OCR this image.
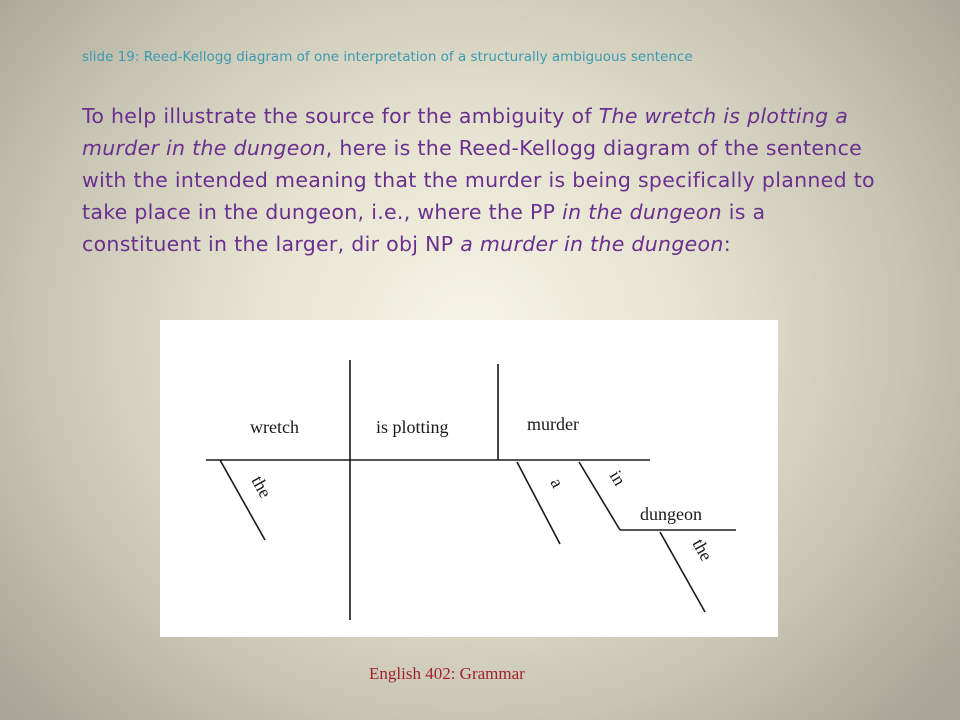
slide 19: Reed-Kellogg diagram of one interpretation of a structurally ambiguous sentence

To help illustrate the source for the ambiguity of The wretch is plotting a murder in the dungeon, here is the Reed-Kellogg diagram of the sentence with the intended meaning that the murder is being specifically planned to take place in the dungeon, i.e., where the PP in the dungeon is a constituent in the larger, dir obj NP a murder in the dungeon:

wretch	is plotting	murder
the	a in
dungeon
the
English 402: Grammar
